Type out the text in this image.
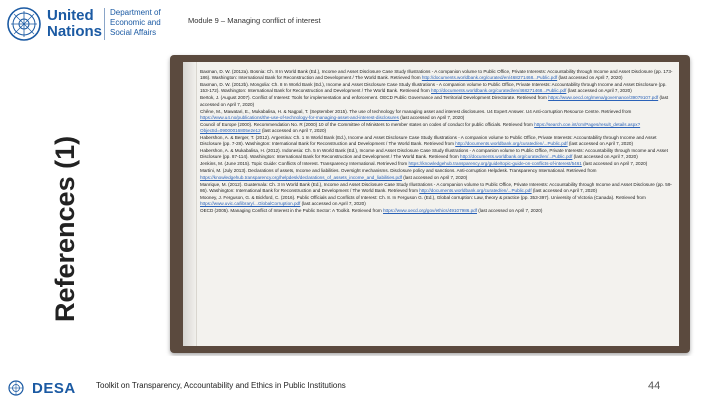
United Nations
Department of
Economic and
Social Affairs
Module 9 – Managing conflict of interest
References (1)
Baxman, D. W. (2012a). Bosnia: Ch. 8 In World Bank (Ed.), Income and Asset Disclosure Case Study Illustrations - A companion volume to Public Office, Private Interests: Accountability through Income and Asset Disclosure (pp. 173-186). Washington: International Bank for Reconstruction and Development / The World Bank. Retrieved from http://documents.worldbank.org/curated/en/468271468...Public.pdf (last accessed on April 7, 2020)
Baxman, D. W. (2012b). Mongolia: Ch. 8 In World Bank (Ed.), Income and Asset Disclosure Case Study Illustrations - A companion volume to Public Office, Private Interests: Accountability through Income and Asset Disclosure (pp. 153-172). Washington: International Bank for Reconstruction and Development / The World Bank. Retrieved from http://documents.worldbank.org/curated/en/468271468...Public.pdf (last accessed on April 7, 2020)
Bertok, J. (August 2007). Conflict of Interest: Tools for implementation and enforcement. OECD Public Governance and Territorial Development Directorate. Retrieved from https://www.oecd.org/mena/governance/39079107.pdf (last accessed on April 7, 2020)
Chêne, M., Mawatari, E., Mukabalisa, H. & Nagpal, T. (September 2015). The use of technology for managing asset and interest disclosures. U4 Expert Answer. U4 Anti-corruption Resource Centre. Retrieved from https://www.u4.no/publications/the-use-of-technology-for-managing-asset-and-interest-disclosures (last accessed on April 7, 2020)
Council of Europe (2000). Recommendation No. R (2000) 10 of the Committee of Ministers to member states on codes of conduct for public officials. Retrieved from https://search.coe.int/cm/Pages/result_details.aspx?ObjectId=09000016805e2e12 (last accessed on April 7, 2020)
Habershon, A. & Berger, T. (2012). Argentina: Ch. 1 In World Bank (Ed.), Income and Asset Disclosure Case Study Illustrations - A companion volume to Public Office, Private Interests: Accountability through Income and Asset Disclosure (pp. 7-28). Washington: International Bank for Reconstruction and Development / The World Bank. Retrieved from http://documents.worldbank.org/curated/en/...Public.pdf (last accessed on April 7, 2020)
Habershon, A. & Mukabalisa, H. (2012). Indonesia: Ch. 5 In World Bank (Ed.), Income and Asset Disclosure Case Study Illustrations - A companion volume to Public Office, Private Interests: Accountability through Income and Asset Disclosure (pp. 87-114). Washington: International Bank for Reconstruction and Development / The World Bank. Retrieved from http://documents.worldbank.org/curated/en/...Public.pdf (last accessed on April 7, 2020)
Jenkins, M. (June 2015). Topic Guide: Conflicts of Interest. Transparency International. Retrieved from https://knowledgehub.transparency.org/guide/topic-guide-on-conflicts-of-interest/5461 (last accessed on April 7, 2020)
Martini, M. (July 2013). Declarations of assets, Income and liabilities. Oversight mechanisms. Disclosure policy and sanctions. Anti-corruption Helpdesk. Transparency International. Retrieved from https://knowledgehub.transparency.org/helpdesk/declarations_of_assets_income_and_liabilities.pdf (last accessed on April 7, 2020)
Manrique, M. (2012). Guatemala: Ch. 3 In World Bank (Ed.), Income and Asset Disclosure Case Study Illustrations - A companion volume to Public Office, Private Interests: Accountability through Income and Asset Disclosure (pp. 59-86). Washington: International Bank for Reconstruction and Development / The World Bank. Retrieved from http://documents.worldbank.org/curated/en/...Public.pdf (last accessed on April 7, 2020)
Mooney, J. Ferguson, G. & Bickford, C. (2016). Public Officials and Conflicts of Interest: Ch. 8. In Ferguson G. (Ed.), Global corruption: Law, theory & practice (pp. 353-397). University of Victoria (Canada). Retrieved from https://www.uvic.ca/library/...GlobalCorruption.pdf (last accessed on April 7, 2020)
OECD (2005). Managing Conflict of Interest in the Public Sector: A Toolkit. Retrieved from https://www.oecd.org/gov/ethics/49107986.pdf (last accessed on April 7, 2020)
DESA	Toolkit on Transparency, Accountability and Ethics in Public Institutions	44
